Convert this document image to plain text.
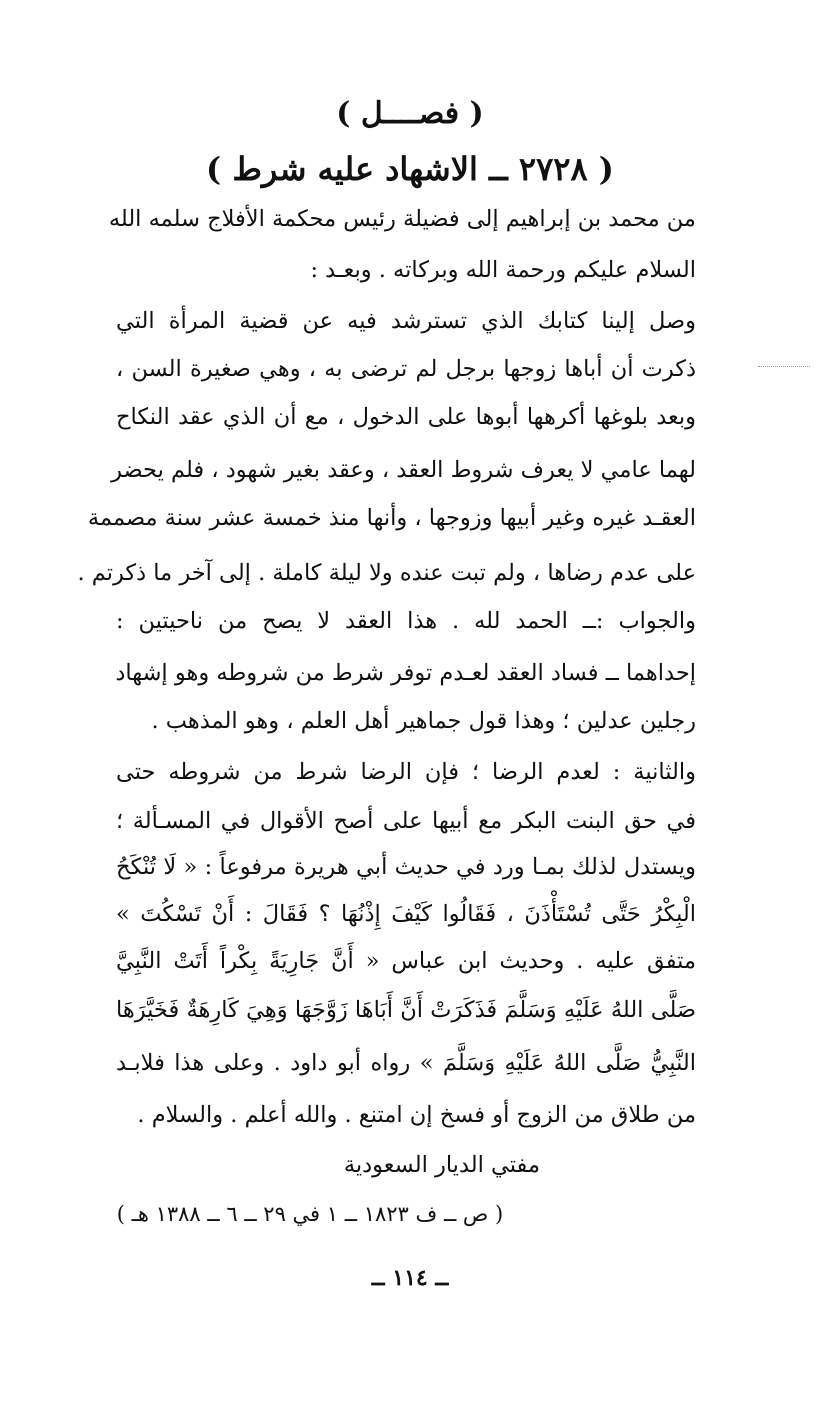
( فصــــل )
( ٢٧٢٨ ــ الاشهاد عليه شرط )
من محمد بن إبراهيم إلى فضيلة رئيس محكمة الأفلاج سلمه الله
السلام عليكم ورحمة الله وبركاته . وبعـد :
وصل إلينا كتابك الذي تسترشد فيه عن قضية المرأة التي
ذكرت أن أباها زوجها برجل لم ترضى به ، وهي صغيرة السن ،
وبعد بلوغها أكرهها أبوها على الدخول ، مع أن الذي عقد النكاح
لهما عامي لا يعرف شروط العقد ، وعقد بغير شهود ، فلم يحضر
العقـد غيره وغير أبيها وزوجها ، وأنها منذ خمسة عشر سنة مصممة
على عدم رضاها ، ولم تبت عنده ولا ليلة كاملة . إلى آخر ما ذكرتم .
والجواب :ــ الحمد لله . هذا العقد لا يصح من ناحيتين :
إحداهما ــ فساد العقد لعـدم توفر شرط من شروطه وهو إشهاد
رجلين عدلين ؛ وهذا قول جماهير أهل العلم ، وهو المذهب .
والثانية : لعدم الرضا ؛ فإن الرضا شرط من شروطه حتى
في حق البنت البكر مع أبيها على أصح الأقوال في المسـألة ؛
ويستدل لذلك بمـا ورد في حديث أبي هريرة مرفوعاً : « لَا تُنْكَحُ
الْبِكْرُ حَتَّى تُسْتَأْذَنَ ، فَقَالُوا كَيْفَ إِذْنُهَا ؟ فَقَالَ : أَنْ تَسْكُتَ »
متفق عليه . وحديث ابن عباس « أَنَّ جَارِيَةً بِكْراً أَتَتْ النَّبِيَّ
صَلَّى اللهُ عَلَيْهِ وَسَلَّمَ فَذَكَرَتْ أَنَّ أَبَاهَا زَوَّجَهَا وَهِيَ كَارِهَةٌ فَخَيَّرَهَا
النَّبِيُّ صَلَّى اللهُ عَلَيْهِ وَسَلَّمَ » رواه أبو داود . وعلى هذا فلابـد
من طلاق من الزوج أو فسخ إن امتنع . والله أعلم . والسلام .
مفتي الديار السعودية
( ص ــ ف ١٨٢٣ ــ ١ في ٢٩ ــ ٦ ــ ١٣٨٨ هـ )
ــ ١١٤ ــ
